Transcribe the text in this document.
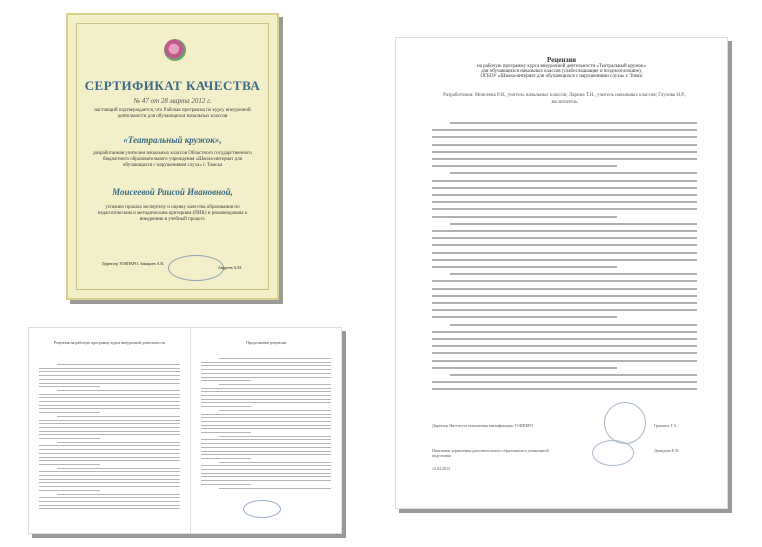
СЕРТИФИКАТ КАЧЕСТВА
№ 47 от 28 марта 2012 г.
настоящий подтверждается, что Рабочая программа по курсу внеурочной деятельности для обучающихся начальных классов
«Театральный кружок»,
разработанная учителем начальных классов Областного государственного бюджетного образовательного учреждения «Школа-интернат для обучающихся с нарушениями слуха» г. Томска
Моисеевой Раисой Ивановной,
успешно прошла экспертизу и оценку качества образования по педагогическим и методическим критериям (ПИК) и рекомендована к внедрению в учебный процесс
Директор ТОИПКРО, Замараев А.В.
Андреев А.М.
Рецензия
на рабочую программу курса внеурочной деятельности «Театральный кружок»
для обучающихся начальных классов (слабослышащие и позднооглохшие),
ОГБОУ «Школа-интернат для обучающихся с нарушениями слуха» г. Томск
Разработчики: Моисеева Р.И., учитель начальных классов; Ларина Т.Н., учитель начальных классов; Глухова Н.Р., воспитатель
Директор Института повышения квалификации ТОИПКРО
Начальник управления дополнительного образования и дошкольной подготовки
Гришина Т.А.
Демидова Е.Ф.
12.04.2013
Рецензия на рабочую программу курса внеурочной деятельности	Продолжение рецензии
